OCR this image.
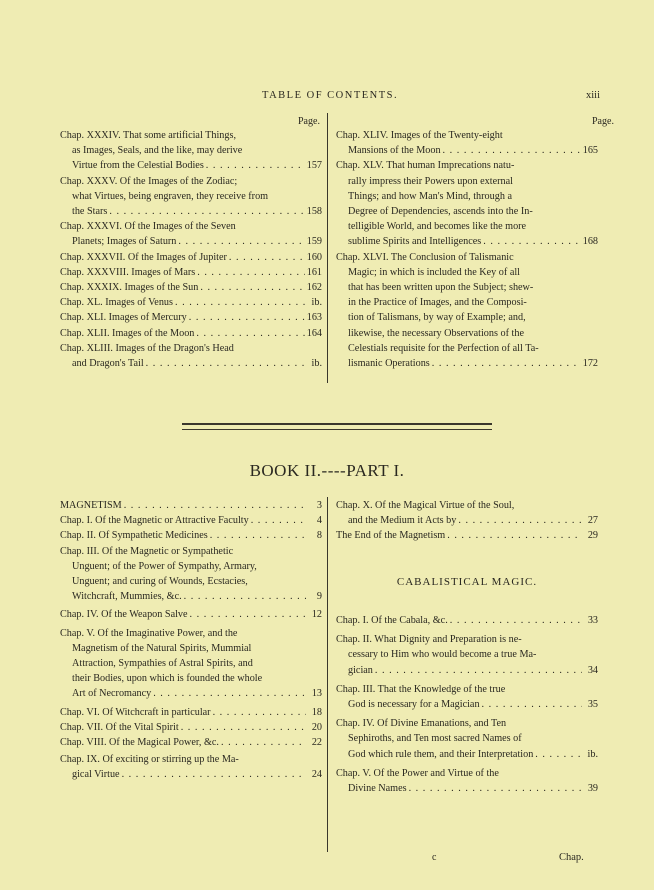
TABLE OF CONTENTS.	xiii
Page.	Page.
Chap. XXXIV. That some artificial Things,
as Images, Seals, and the like, may derive
Virtue from the Celestial Bodies . . .	157
Chap. XXXV. Of the Images of the Zodiac;
what Virtues, being engraven, they receive from
the Stars . . .	158
Chap. XXXVI. Of the Images of the Seven
Planets; Images of Saturn . . .	159
Chap. XXXVII. Of the Images of Jupiter . . .	160
Chap. XXXVIII. Images of Mars . . .	161
Chap. XXXIX. Images of the Sun . . .	162
Chap. XL. Images of Venus . . .	ib.
Chap. XLI. Images of Mercury . . .	163
Chap. XLII. Images of the Moon . . .	164
Chap. XLIII. Images of the Dragon's Head
and Dragon's Tail . . .	ib.
Chap. XLIV. Images of the Twenty-eight
Mansions of the Moon . . .	165
Chap. XLV. That human Imprecations natu-
rally impress their Powers upon external
Things; and how Man's Mind, through a
Degree of Dependencies, ascends into the In-
telligible World, and becomes like the more
sublime Spirits and Intelligences . . .	168
Chap. XLVI. The Conclusion of Talismanic
Magic; in which is included the Key of all
that has been written upon the Subject; shew-
in the Practice of Images, and the Composi-
tion of Talismans, by way of Example; and,
likewise, the necessary Observations of the
Celestials requisite for the Perfection of all Ta-
lismanic Operations . . .	172
BOOK II.----PART I.
MAGNETISM . . .	3
Chap. I. Of the Magnetic or Attractive Faculty . . .	4
Chap. II. Of Sympathetic Medicines . . .	8
Chap. III. Of the Magnetic or Sympathetic
Unguent; of the Power of Sympathy, Armary,
Unguent; and curing of Wounds, Ecstacies,
Witchcraft, Mummies, &c. . . .	9
Chap. IV. Of the Weapon Salve . . .	12
Chap. V. Of the Imaginative Power, and the
Magnetism of the Natural Spirits, Mummial
Attraction, Sympathies of Astral Spirits, and
their Bodies, upon which is founded the whole
Art of Necromancy . . .	13
Chap. VI. Of Witchcraft in particular . . .	18
Chap. VII. Of the Vital Spirit . . .	20
Chap. VIII. Of the Magical Power, &c. . . .	22
Chap. IX. Of exciting or stirring up the Ma-
gical Virtue . . .	24
Chap. X. Of the Magical Virtue of the Soul,
and the Medium it Acts by . . .	27
The End of the Magnetism . . .	29
CABALISTICAL MAGIC.
Chap. I. Of the Cabala, &c. . . .	33
Chap. II. What Dignity and Preparation is ne-
cessary to Him who would become a true Ma-
gician . . .	34
Chap. III. That the Knowledge of the true
God is necessary for a Magician . . .	35
Chap. IV. Of Divine Emanations, and Ten
Sephiroths, and Ten most sacred Names of
God which rule them, and their Interpretation . . .	ib.
Chap. V. Of the Power and Virtue of the
Divine Names . . .	39
c	Chap.
